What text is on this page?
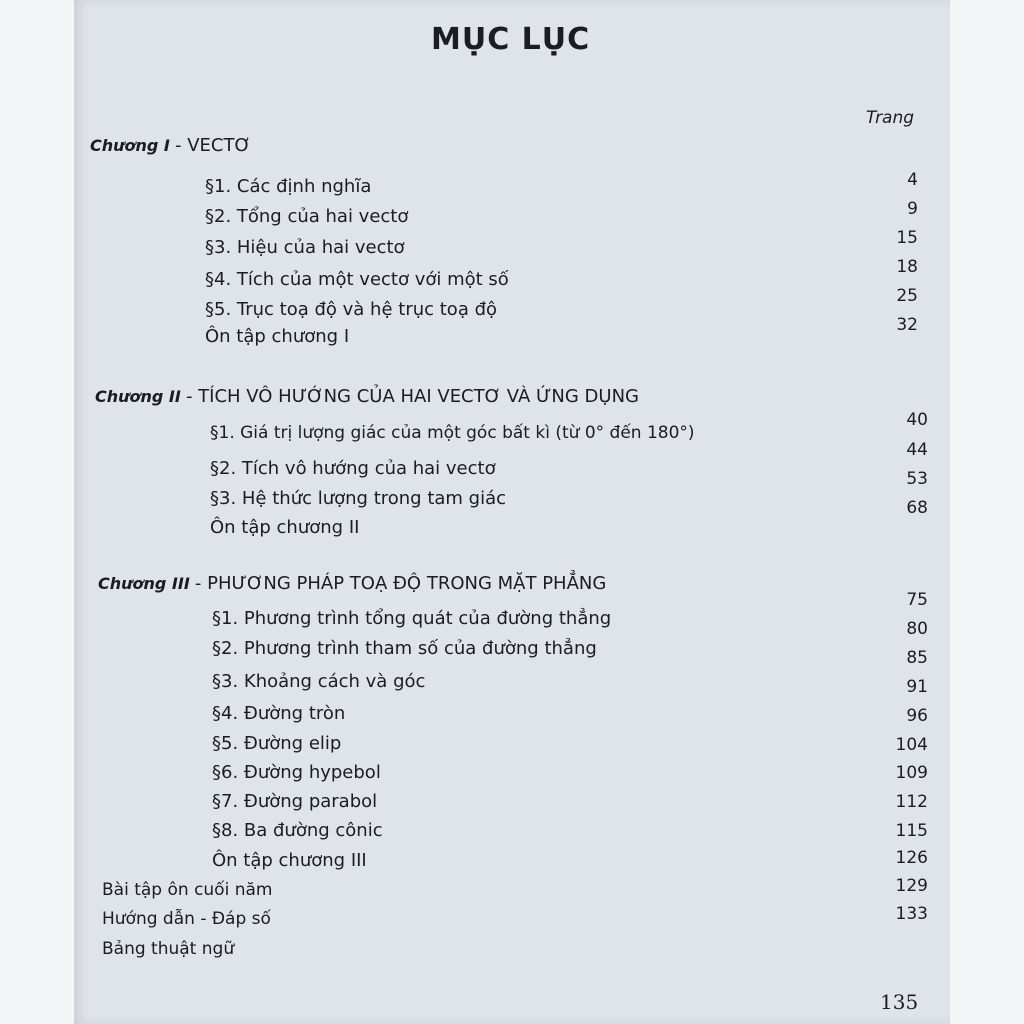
MỤC LỤC
Trang
Chương I - VECTƠ
§1. Các định nghĩa
§2. Tổng của hai vectơ
§3. Hiệu của hai vectơ
§4. Tích của một vectơ với một số
§5. Trục toạ độ và hệ trục toạ độ
Ôn tập chương I
4
9
15
18
25
32
Chương II - TÍCH VÔ HƯỚNG CỦA HAI VECTƠ VÀ ỨNG DỤNG
§1. Giá trị lượng giác của một góc bất kì (từ 0° đến 180°)
§2. Tích vô hướng của hai vectơ
§3. Hệ thức lượng trong tam giác
Ôn tập chương II
40
44
53
68
Chương III - PHƯƠNG PHÁP TOẠ ĐỘ TRONG MẶT PHẲNG
§1. Phương trình tổng quát của đường thẳng
§2. Phương trình tham số của đường thẳng
§3. Khoảng cách và góc
§4. Đường tròn
§5. Đường elip
§6. Đường hypebol
§7. Đường parabol
§8. Ba đường cônic
Ôn tập chương III
75
80
85
91
96
104
109
112
115
Bài tập ôn cuối năm
Hướng dẫn - Đáp số
Bảng thuật ngữ
126
129
133
135
